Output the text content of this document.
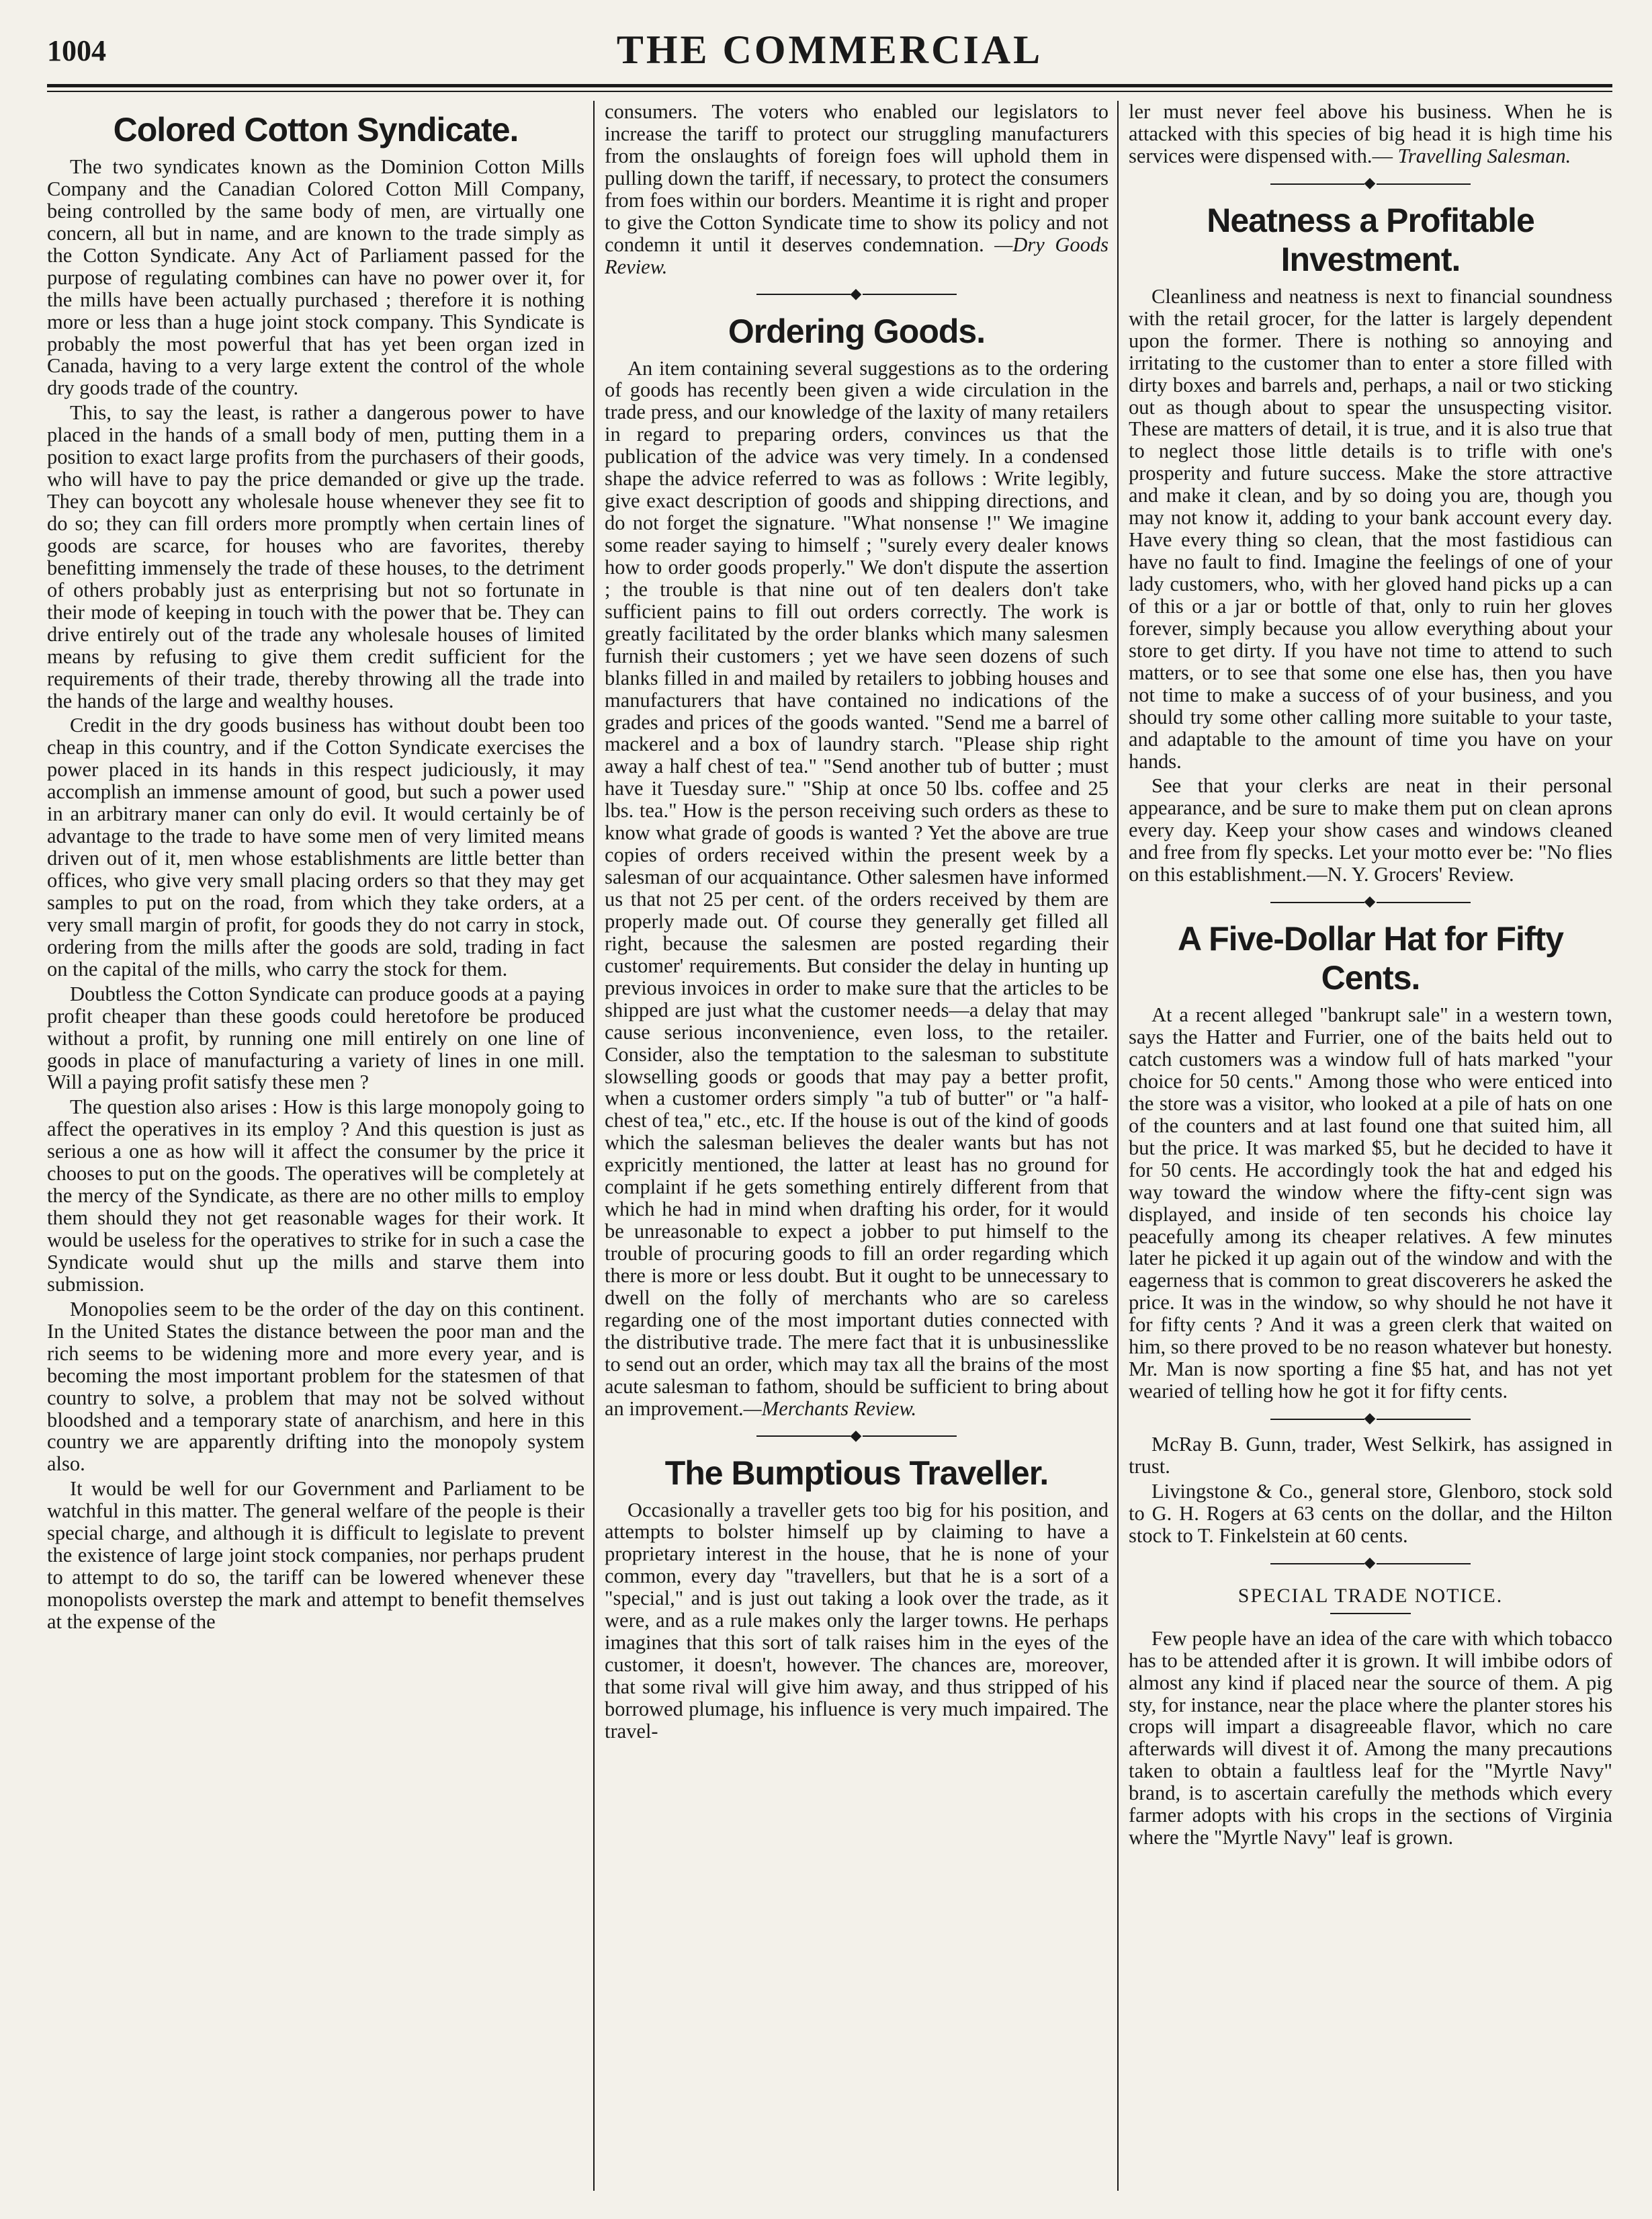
1004	THE COMMERCIAL
Colored Cotton Syndicate.

The two syndicates known as the Dominion Cotton Mills Company and the Canadian Colored Cotton Mill Company, being controlled by the same body of men, are virtually one concern, all but in name, and are known to the trade simply as the Cotton Syndicate. Any Act of Parliament passed for the purpose of regulating combines can have no power over it, for the mills have been actually purchased ; therefore it is nothing more or less than a huge joint stock company. This Syndicate is probably the most powerful that has yet been organ ized in Canada, having to a very large extent the control of the whole dry goods trade of the country.

This, to say the least, is rather a dangerous power to have placed in the hands of a small body of men, putting them in a position to exact large profits from the purchasers of their goods, who will have to pay the price demanded or give up the trade. They can boycott any wholesale house whenever they see fit to do so; they can fill orders more promptly when certain lines of goods are scarce, for houses who are favorites, thereby benefitting immensely the trade of these houses, to the detriment of others probably just as enterprising but not so fortunate in their mode of keeping in touch with the power that be. They can drive entirely out of the trade any wholesale houses of limited means by refusing to give them credit sufficient for the requirements of their trade, thereby throwing all the trade into the hands of the large and wealthy houses.

Credit in the dry goods business has without doubt been too cheap in this country, and if the Cotton Syndicate exercises the power placed in its hands in this respect judiciously, it may accomplish an immense amount of good, but such a power used in an arbitrary maner can only do evil. It would certainly be of advantage to the trade to have some men of very limited means driven out of it, men whose establishments are little better than offices, who give very small placing orders so that they may get samples to put on the road, from which they take orders, at a very small margin of profit, for goods they do not carry in stock, ordering from the mills after the goods are sold, trading in fact on the capital of the mills, who carry the stock for them.

Doubtless the Cotton Syndicate can produce goods at a paying profit cheaper than these goods could heretofore be produced without a profit, by running one mill entirely on one line of goods in place of manufacturing a variety of lines in one mill. Will a paying profit satisfy these men ?

The question also arises : How is this large monopoly going to affect the operatives in its employ ? And this question is just as serious a one as how will it affect the consumer by the price it chooses to put on the goods. The operatives will be completely at the mercy of the Syndicate, as there are no other mills to employ them should they not get reasonable wages for their work. It would be useless for the operatives to strike for in such a case the Syndicate would shut up the mills and starve them into submission.

Monopolies seem to be the order of the day on this continent. In the United States the distance between the poor man and the rich seems to be widening more and more every year, and is becoming the most important problem for the statesmen of that country to solve, a problem that may not be solved without bloodshed and a temporary state of anarchism, and here in this country we are apparently drifting into the monopoly system also.

It would be well for our Government and Parliament to be watchful in this matter. The general welfare of the people is their special charge, and although it is difficult to legislate to prevent the existence of large joint stock companies, nor perhaps prudent to attempt to do so, the tariff can be lowered whenever these monopolists overstep the mark and attempt to benefit themselves at the expense of the

consumers. The voters who enabled our legislators to increase the tariff to protect our struggling manufacturers from the onslaughts of foreign foes will uphold them in pulling down the tariff, if necessary, to protect the consumers from foes within our borders. Meantime it is right and proper to give the Cotton Syndicate time to show its policy and not condemn it until it deserves condemnation. —Dry Goods Review.

◆
Ordering Goods.

An item containing several suggestions as to the ordering of goods has recently been given a wide circulation in the trade press, and our knowledge of the laxity of many retailers in regard to preparing orders, convinces us that the publication of the advice was very timely. In a condensed shape the advice referred to was as follows : Write legibly, give exact description of goods and shipping directions, and do not forget the signature. "What nonsense !" We imagine some reader saying to himself ; "surely every dealer knows how to order goods properly." We don't dispute the assertion ; the trouble is that nine out of ten dealers don't take sufficient pains to fill out orders correctly. The work is greatly facilitated by the order blanks which many salesmen furnish their customers ; yet we have seen dozens of such blanks filled in and mailed by retailers to jobbing houses and manufacturers that have contained no indications of the grades and prices of the goods wanted. "Send me a barrel of mackerel and a box of laundry starch. "Please ship right away a half chest of tea." "Send another tub of butter ; must have it Tuesday sure." "Ship at once 50 lbs. coffee and 25 lbs. tea." How is the person receiving such orders as these to know what grade of goods is wanted ? Yet the above are true copies of orders received within the present week by a salesman of our acquaintance. Other salesmen have informed us that not 25 per cent. of the orders received by them are properly made out. Of course they generally get filled all right, because the salesmen are posted regarding their customer' requirements. But consider the delay in hunting up previous invoices in order to make sure that the articles to be shipped are just what the customer needs—a delay that may cause serious inconvenience, even loss, to the retailer. Consider, also the temptation to the salesman to substitute slowselling goods or goods that may pay a better profit, when a customer orders simply "a tub of butter" or "a half-chest of tea," etc., etc. If the house is out of the kind of goods which the salesman believes the dealer wants but has not expricitly mentioned, the latter at least has no ground for complaint if he gets something entirely different from that which he had in mind when drafting his order, for it would be unreasonable to expect a jobber to put himself to the trouble of procuring goods to fill an order regarding which there is more or less doubt. But it ought to be unnecessary to dwell on the folly of merchants who are so careless regarding one of the most important duties connected with the distributive trade. The mere fact that it is unbusinesslike to send out an order, which may tax all the brains of the most acute salesman to fathom, should be sufficient to bring about an improvement.—Merchants Review.

◆
The Bumptious Traveller.

Occasionally a traveller gets too big for his position, and attempts to bolster himself up by claiming to have a proprietary interest in the house, that he is none of your common, every day "travellers, but that he is a sort of a "special," and is just out taking a look over the trade, as it were, and as a rule makes only the larger towns. He perhaps imagines that this sort of talk raises him in the eyes of the customer, it doesn't, however. The chances are, moreover, that some rival will give him away, and thus stripped of his borrowed plumage, his influence is very much impaired. The travel-

ler must never feel above his business. When he is attacked with this species of big head it is high time his services were dispensed with.— Travelling Salesman.

◆
Neatness a Profitable Investment.

Cleanliness and neatness is next to financial soundness with the retail grocer, for the latter is largely dependent upon the former. There is nothing so annoying and irritating to the customer than to enter a store filled with dirty boxes and barrels and, perhaps, a nail or two sticking out as though about to spear the unsuspecting visitor. These are matters of detail, it is true, and it is also true that to neglect those little details is to trifle with one's prosperity and future success. Make the store attractive and make it clean, and by so doing you are, though you may not know it, adding to your bank account every day. Have every thing so clean, that the most fastidious can have no fault to find. Imagine the feelings of one of your lady customers, who, with her gloved hand picks up a can of this or a jar or bottle of that, only to ruin her gloves forever, simply because you allow everything about your store to get dirty. If you have not time to attend to such matters, or to see that some one else has, then you have not time to make a success of of your business, and you should try some other calling more suitable to your taste, and adaptable to the amount of time you have on your hands.

See that your clerks are neat in their personal appearance, and be sure to make them put on clean aprons every day. Keep your show cases and windows cleaned and free from fly specks. Let your motto ever be: "No flies on this establishment.—N. Y. Grocers' Review.

◆
A Five-Dollar Hat for Fifty Cents.

At a recent alleged "bankrupt sale" in a western town, says the Hatter and Furrier, one of the baits held out to catch customers was a window full of hats marked "your choice for 50 cents." Among those who were enticed into the store was a visitor, who looked at a pile of hats on one of the counters and at last found one that suited him, all but the price. It was marked $5, but he decided to have it for 50 cents. He accordingly took the hat and edged his way toward the window where the fifty-cent sign was displayed, and inside of ten seconds his choice lay peacefully among its cheaper relatives. A few minutes later he picked it up again out of the window and with the eagerness that is common to great discoverers he asked the price. It was in the window, so why should he not have it for fifty cents ? And it was a green clerk that waited on him, so there proved to be no reason whatever but honesty. Mr. Man is now sporting a fine $5 hat, and has not yet wearied of telling how he got it for fifty cents.

◆

McRay B. Gunn, trader, West Selkirk, has assigned in trust.

Livingstone & Co., general store, Glenboro, stock sold to G. H. Rogers at 63 cents on the dollar, and the Hilton stock to T. Finkelstein at 60 cents.

◆
SPECIAL TRADE NOTICE.

Few people have an idea of the care with which tobacco has to be attended after it is grown. It will imbibe odors of almost any kind if placed near the source of them. A pig sty, for instance, near the place where the planter stores his crops will impart a disagreeable flavor, which no care afterwards will divest it of. Among the many precautions taken to obtain a faultless leaf for the "Myrtle Navy" brand, is to ascertain carefully the methods which every farmer adopts with his crops in the sections of Virginia where the "Myrtle Navy" leaf is grown.
